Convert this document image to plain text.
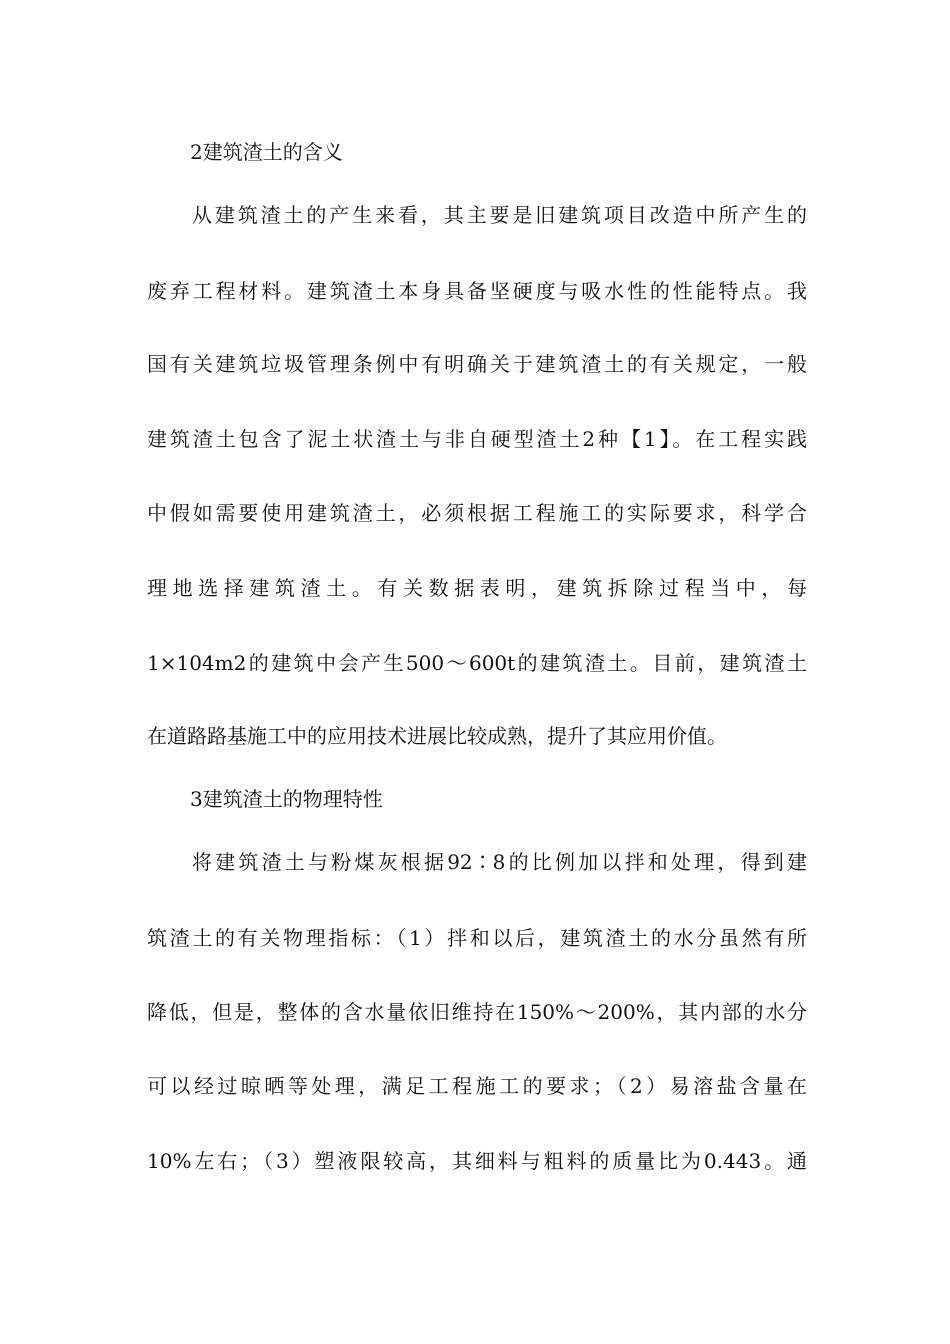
2建筑渣土的含义
从建筑渣土的产生来看，其主要是旧建筑项目改造中所产生的
废弃工程材料。建筑渣土本身具备坚硬度与吸水性的性能特点。我
国有关建筑垃圾管理条例中有明确关于建筑渣土的有关规定，一般
建筑渣土包含了泥土状渣土与非自硬型渣土2种【1】。在工程实践
中假如需要使用建筑渣土，必须根据工程施工的实际要求，科学合
理地选择建筑渣土。有关数据表明，建筑拆除过程当中，每
1×104m2的建筑中会产生500～600t的建筑渣土。目前，建筑渣土
在道路路基施工中的应用技术进展比较成熟，提升了其应用价值。
3建筑渣土的物理特性
将建筑渣土与粉煤灰根据92∶8的比例加以拌和处理，得到建
筑渣土的有关物理指标：（1）拌和以后，建筑渣土的水分虽然有所
降低，但是，整体的含水量依旧维持在150%～200%，其内部的水分
可以经过晾晒等处理，满足工程施工的要求；（2）易溶盐含量在
10%左右；（3）塑液限较高，其细料与粗料的质量比为0.443。通
